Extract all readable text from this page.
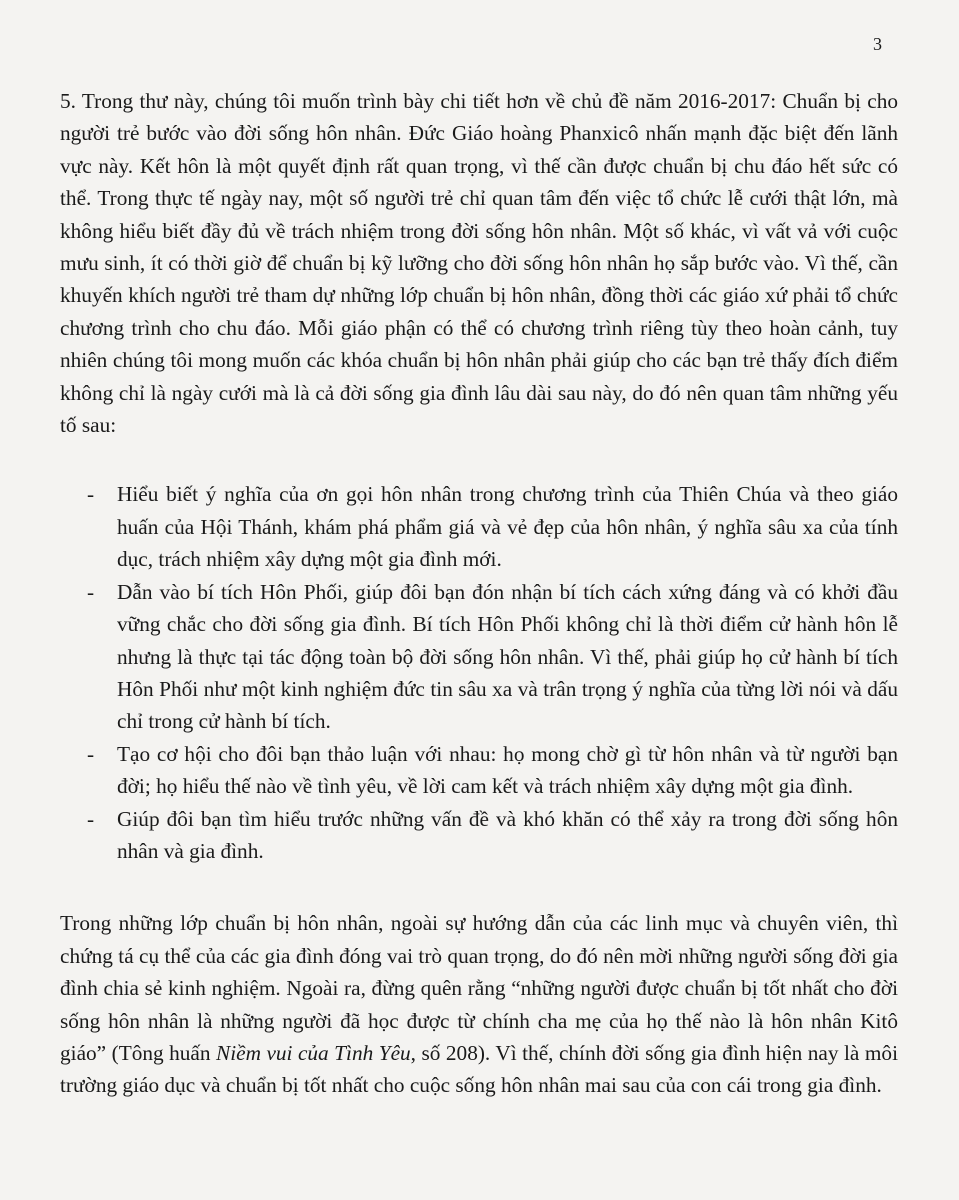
3

5. Trong thư này, chúng tôi muốn trình bày chi tiết hơn về chủ đề năm 2016-2017: Chuẩn bị cho người trẻ bước vào đời sống hôn nhân. Đức Giáo hoàng Phanxicô nhấn mạnh đặc biệt đến lãnh vực này. Kết hôn là một quyết định rất quan trọng, vì thế cần được chuẩn bị chu đáo hết sức có thể. Trong thực tế ngày nay, một số người trẻ chỉ quan tâm đến việc tổ chức lễ cưới thật lớn, mà không hiểu biết đầy đủ về trách nhiệm trong đời sống hôn nhân. Một số khác, vì vất vả với cuộc mưu sinh, ít có thời giờ để chuẩn bị kỹ lưỡng cho đời sống hôn nhân họ sắp bước vào. Vì thế, cần khuyến khích người trẻ tham dự những lớp chuẩn bị hôn nhân, đồng thời các giáo xứ phải tổ chức chương trình cho chu đáo. Mỗi giáo phận có thể có chương trình riêng tùy theo hoàn cảnh, tuy nhiên chúng tôi mong muốn các khóa chuẩn bị hôn nhân phải giúp cho các bạn trẻ thấy đích điểm không chỉ là ngày cưới mà là cả đời sống gia đình lâu dài sau này, do đó nên quan tâm những yếu tố sau:

- Hiểu biết ý nghĩa của ơn gọi hôn nhân trong chương trình của Thiên Chúa và theo giáo huấn của Hội Thánh, khám phá phẩm giá và vẻ đẹp của hôn nhân, ý nghĩa sâu xa của tính dục, trách nhiệm xây dựng một gia đình mới.
- Dẫn vào bí tích Hôn Phối, giúp đôi bạn đón nhận bí tích cách xứng đáng và có khởi đầu vững chắc cho đời sống gia đình. Bí tích Hôn Phối không chỉ là thời điểm cử hành hôn lễ nhưng là thực tại tác động toàn bộ đời sống hôn nhân. Vì thế, phải giúp họ cử hành bí tích Hôn Phối như một kinh nghiệm đức tin sâu xa và trân trọng ý nghĩa của từng lời nói và dấu chỉ trong cử hành bí tích.
- Tạo cơ hội cho đôi bạn thảo luận với nhau: họ mong chờ gì từ hôn nhân và từ người bạn đời; họ hiểu thế nào về tình yêu, về lời cam kết và trách nhiệm xây dựng một gia đình.
- Giúp đôi bạn tìm hiểu trước những vấn đề và khó khăn có thể xảy ra trong đời sống hôn nhân và gia đình.

Trong những lớp chuẩn bị hôn nhân, ngoài sự hướng dẫn của các linh mục và chuyên viên, thì chứng tá cụ thể của các gia đình đóng vai trò quan trọng, do đó nên mời những người sống đời gia đình chia sẻ kinh nghiệm. Ngoài ra, đừng quên rằng “những người được chuẩn bị tốt nhất cho đời sống hôn nhân là những người đã học được từ chính cha mẹ của họ thế nào là hôn nhân Kitô giáo” (Tông huấn Niềm vui của Tình Yêu, số 208). Vì thế, chính đời sống gia đình hiện nay là môi trường giáo dục và chuẩn bị tốt nhất cho cuộc sống hôn nhân mai sau của con cái trong gia đình.
